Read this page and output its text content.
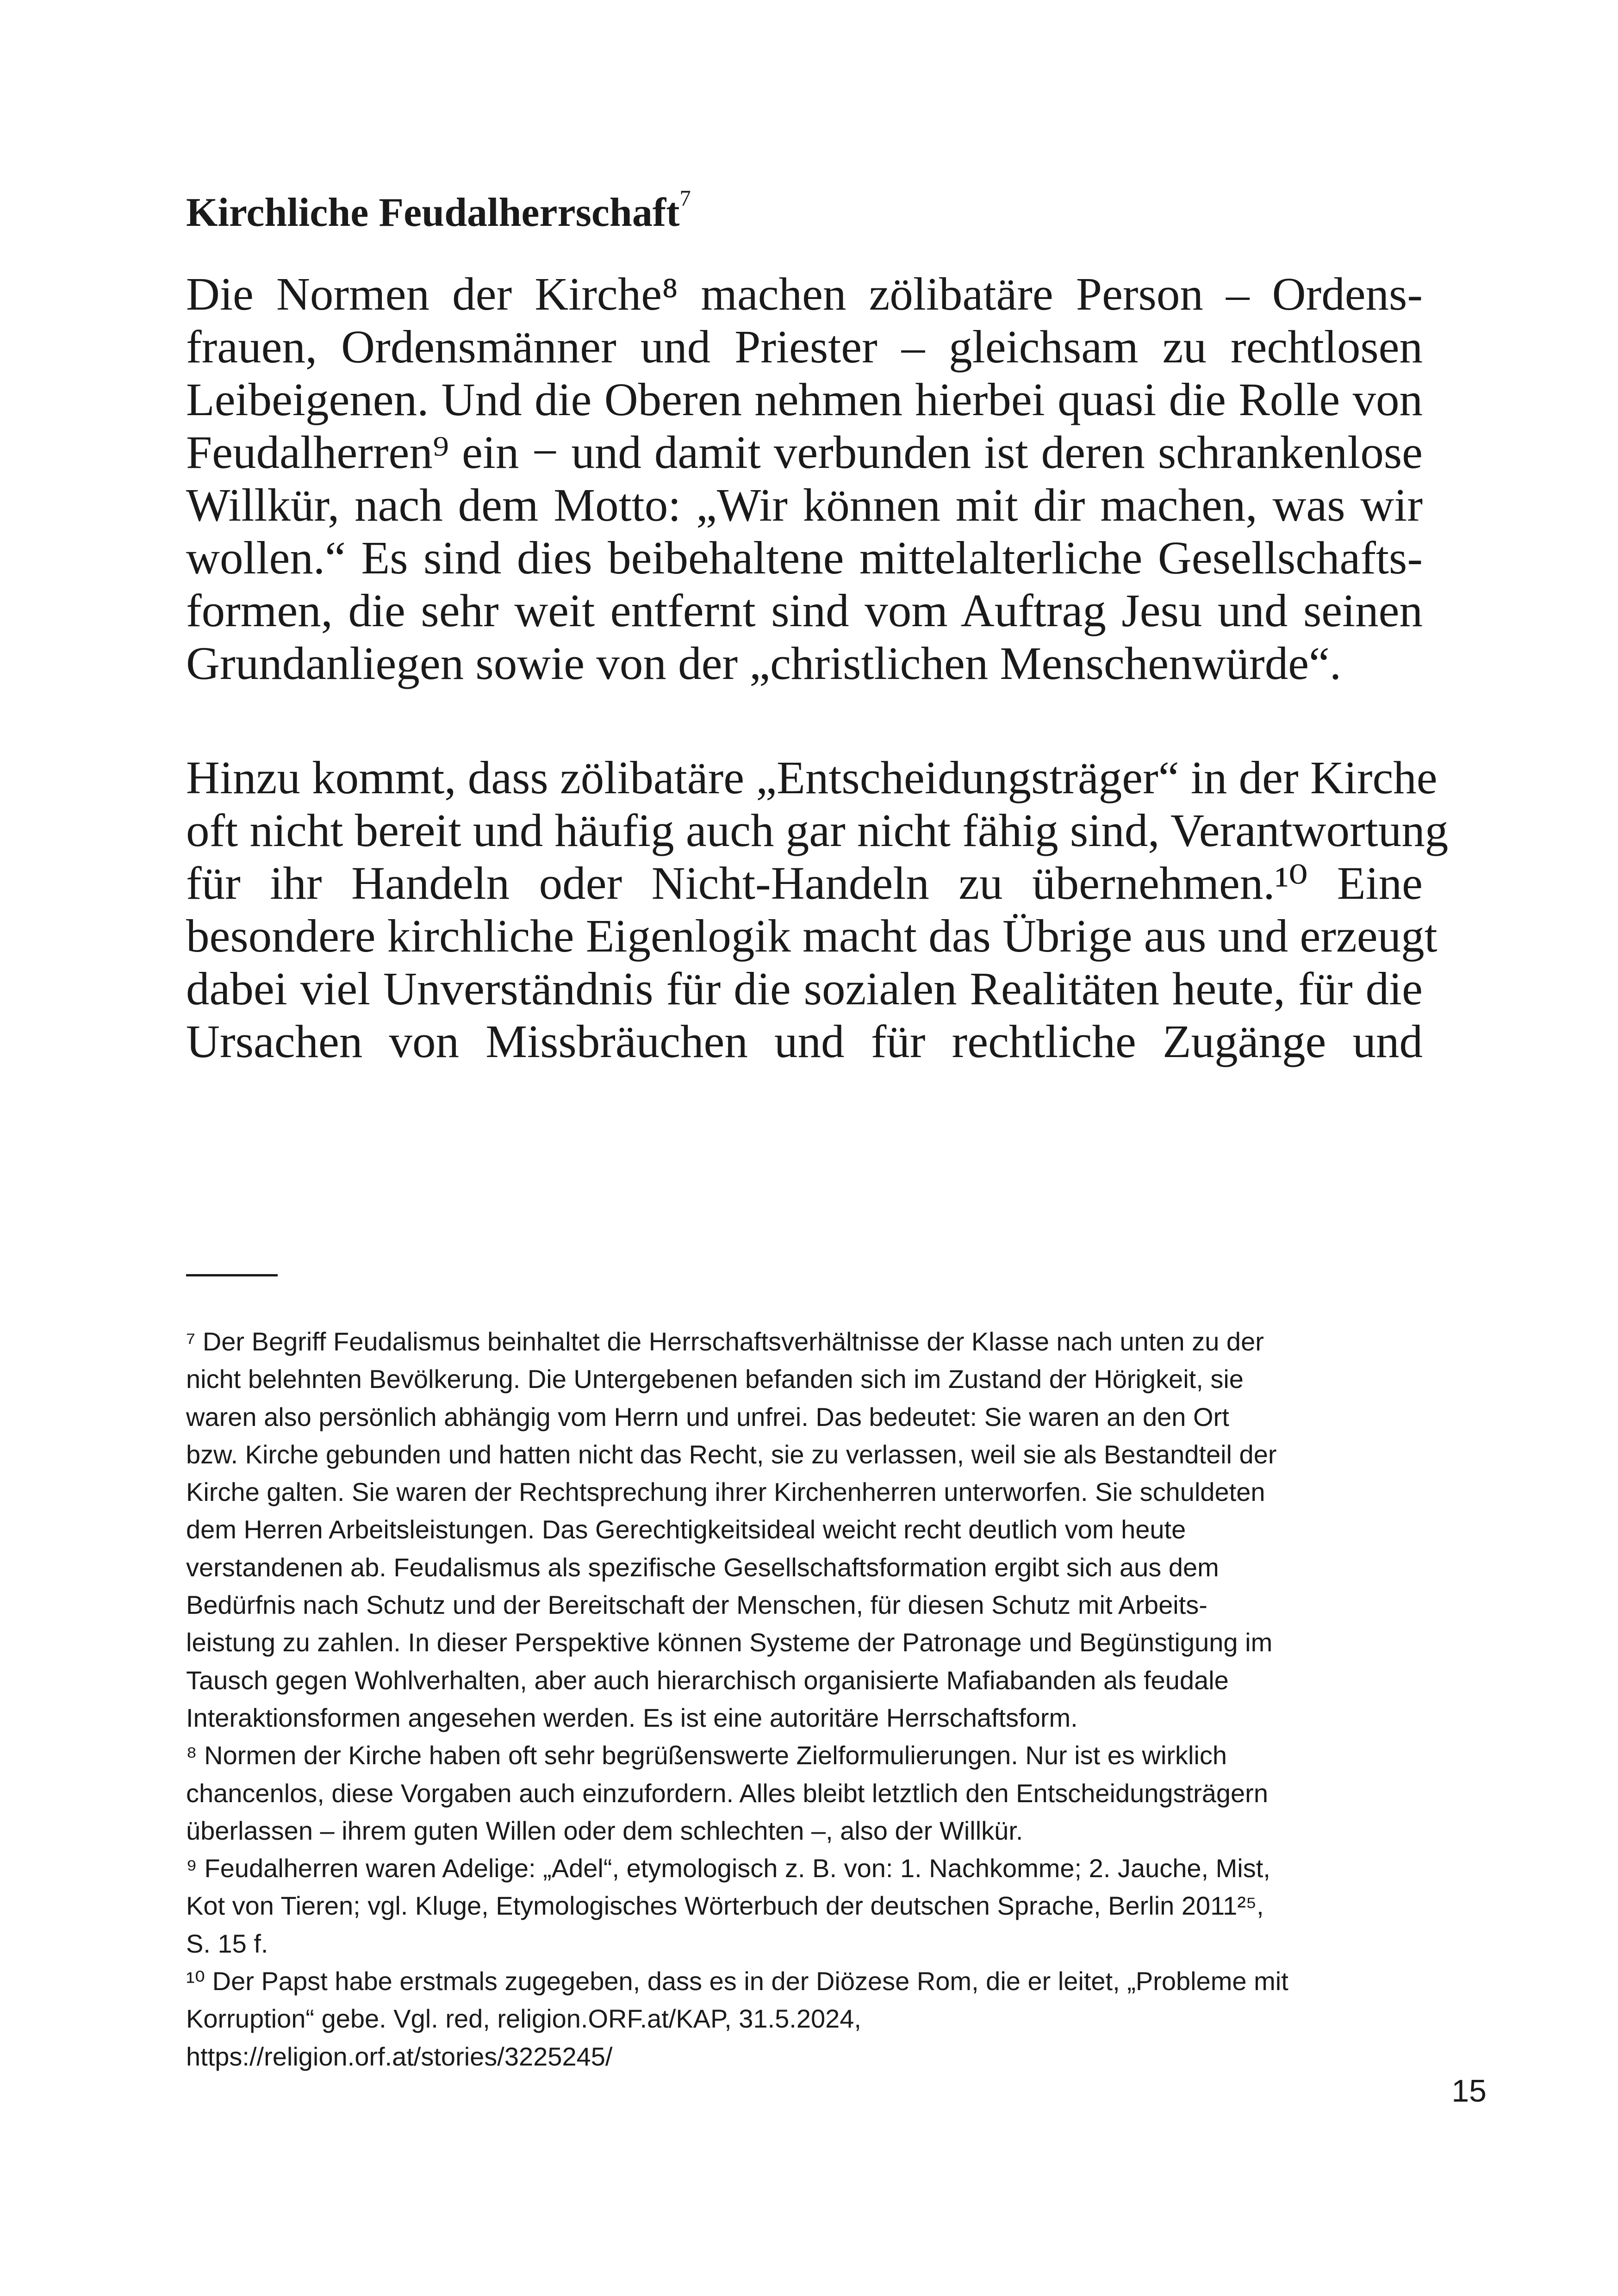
Kirchliche Feudalherrschaft$^7$
Die Normen der Kirche⁸ machen zölibatäre Person – Ordens-
frauen, Ordensmänner und Priester – gleichsam zu rechtlosen
Leibeigenen. Und die Oberen nehmen hierbei quasi die Rolle von
Feudalherren⁹ ein − und damit verbunden ist deren schrankenlose
Willkür, nach dem Motto: „Wir können mit dir machen, was wir
wollen.“ Es sind dies beibehaltene mittelalterliche Gesellschafts-
formen, die sehr weit entfernt sind vom Auftrag Jesu und seinen
Grundanliegen sowie von der „christlichen Menschenwürde“.
Hinzu kommt, dass zölibatäre „Entscheidungsträger“ in der Kirche
oft nicht bereit und häufig auch gar nicht fähig sind, Verantwortung
für ihr Handeln oder Nicht-Handeln zu übernehmen.¹⁰ Eine
besondere kirchliche Eigenlogik macht das Übrige aus und erzeugt
dabei viel Unverständnis für die sozialen Realitäten heute, für die
Ursachen von Missbräuchen und für rechtliche Zugänge und
⁷ Der Begriff Feudalismus beinhaltet die Herrschaftsverhältnisse der Klasse nach unten zu der
nicht belehnten Bevölkerung. Die Untergebenen befanden sich im Zustand der Hörigkeit, sie
waren also persönlich abhängig vom Herrn und unfrei. Das bedeutet: Sie waren an den Ort
bzw. Kirche gebunden und hatten nicht das Recht, sie zu verlassen, weil sie als Bestandteil der
Kirche galten. Sie waren der Rechtsprechung ihrer Kirchenherren unterworfen. Sie schuldeten
dem Herren Arbeitsleistungen. Das Gerechtigkeitsideal weicht recht deutlich vom heute
verstandenen ab. Feudalismus als spezifische Gesellschaftsformation ergibt sich aus dem
Bedürfnis nach Schutz und der Bereitschaft der Menschen, für diesen Schutz mit Arbeits-
leistung zu zahlen. In dieser Perspektive können Systeme der Patronage und Begünstigung im
Tausch gegen Wohlverhalten, aber auch hierarchisch organisierte Mafiabanden als feudale
Interaktionsformen angesehen werden. Es ist eine autoritäre Herrschaftsform.
⁸ Normen der Kirche haben oft sehr begrüßenswerte Zielformulierungen. Nur ist es wirklich
chancenlos, diese Vorgaben auch einzufordern. Alles bleibt letztlich den Entscheidungsträgern
überlassen – ihrem guten Willen oder dem schlechten –, also der Willkür.
⁹ Feudalherren waren Adelige: „Adel“, etymologisch z. B. von: 1. Nachkomme; 2. Jauche, Mist,
Kot von Tieren; vgl. Kluge, Etymologisches Wörterbuch der deutschen Sprache, Berlin 2011²⁵,
S. 15 f.
¹⁰ Der Papst habe erstmals zugegeben, dass es in der Diözese Rom, die er leitet, „Probleme mit
Korruption“ gebe. Vgl. red, religion.ORF.at/KAP, 31.5.2024,
https://religion.orf.at/stories/3225245/
15
